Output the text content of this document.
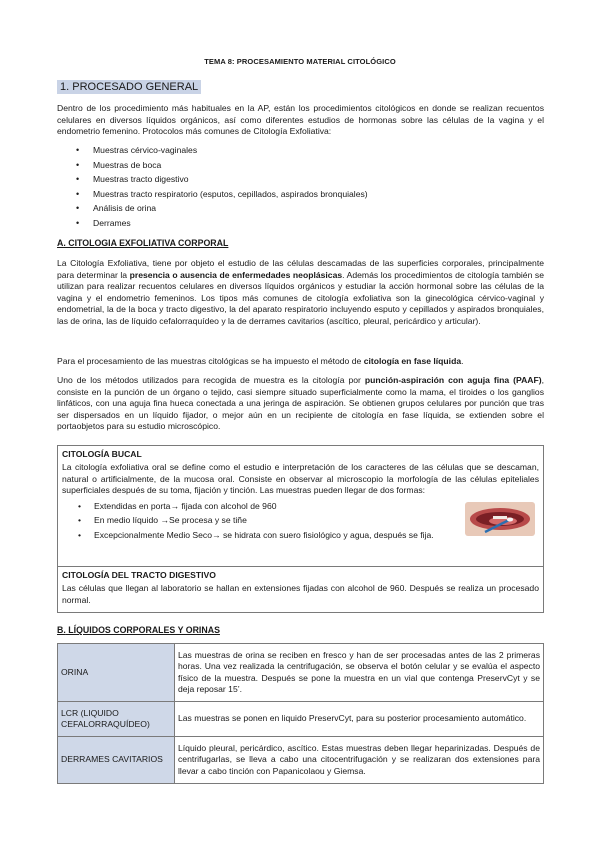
TEMA 8: PROCESAMIENTO MATERIAL CITOLÓGICO
1. PROCESADO GENERAL
Dentro de los procedimiento más habituales en la AP, están los procedimientos citológicos en donde se realizan recuentos celulares en diversos líquidos orgánicos, así como diferentes estudios de hormonas sobre las células de la vagina y el endometrio femenino. Protocolos más comunes de Citología Exfoliativa:
• Muestras cérvico-vaginales
• Muestras de boca
• Muestras tracto digestivo
• Muestras tracto respiratorio (esputos, cepillados, aspirados bronquiales)
• Análisis de orina
• Derrames
A. CITOLOGIA EXFOLIATIVA CORPORAL
La Citología Exfoliativa, tiene por objeto el estudio de las células descamadas de las superficies corporales, principalmente para determinar la presencia o ausencia de enfermedades neoplásicas. Además los procedimientos de citología también se utilizan para realizar recuentos celulares en diversos líquidos orgánicos y estudiar la acción hormonal sobre las células de la vagina y el endometrio femeninos. Los tipos más comunes de citología exfoliativa son la ginecológica cérvico-vaginal y endometrial, la de la boca y tracto digestivo, la del aparato respiratorio incluyendo esputo y cepillados y aspirados bronquiales, las de orina, las de líquido cefalorraquídeo y la de derrames cavitarios (ascítico, pleural, pericárdico y articular).
Para el procesamiento de las muestras citológicas se ha impuesto el método de citología en fase líquida.
Uno de los métodos utilizados para recogida de muestra es la citología por punción-aspiración con aguja fina (PAAF), consiste en la punción de un órgano o tejido, casi siempre situado superficialmente como la mama, el tiroides o los ganglios linfáticos, con una aguja fina hueca conectada a una jeringa de aspiración. Se obtienen grupos celulares por punción que tras ser dispersados en un líquido fijador, o mejor aún en un recipiente de citología en fase líquida, se extienden sobre el portaobjetos para su estudio microscópico.
CITOLOGÍA BUCAL
La citología exfoliativa oral se define como el estudio e interpretación de los caracteres de las células que se descaman, natural o artificialmente, de la mucosa oral. Consiste en observar al microscopio la morfología de las células epiteliales superficiales después de su toma, fijación y tinción. Las muestras pueden llegar de dos formas:
• Extendidas en porta→ fijada con alcohol de 960
• En medio líquido →Se procesa y se tiñe
• Excepcionalmente Medio Seco→ se hidrata con suero fisiológico y agua, después se fija.
CITOLOGÍA DEL TRACTO DIGESTIVO
Las células que llegan al laboratorio se hallan en extensiones fijadas con alcohol de 960. Después se realiza un procesado normal.
B. LÍQUIDOS CORPORALES Y ORINAS
ORINA	Las muestras de orina se reciben en fresco y han de ser procesadas antes de las 2 primeras horas. Una vez realizada la centrifugación, se observa el botón celular y se evalúa el aspecto físico de la muestra. Después se pone la muestra en un vial que contenga PreservCyt y se deja reposar 15’.
LCR (LIQUIDO CEFALORRAQUÍDEO)	Las muestras se ponen en liquido PreservCyt, para su posterior procesamiento automático.
DERRAMES CAVITARIOS	Líquido pleural, pericárdico, ascítico. Estas muestras deben llegar heparinizadas. Después de centrifugarlas, se lleva a cabo una citocentrifugación y se realizaran dos extensiones para llevar a cabo tinción con Papanicolaou y Giemsa.
